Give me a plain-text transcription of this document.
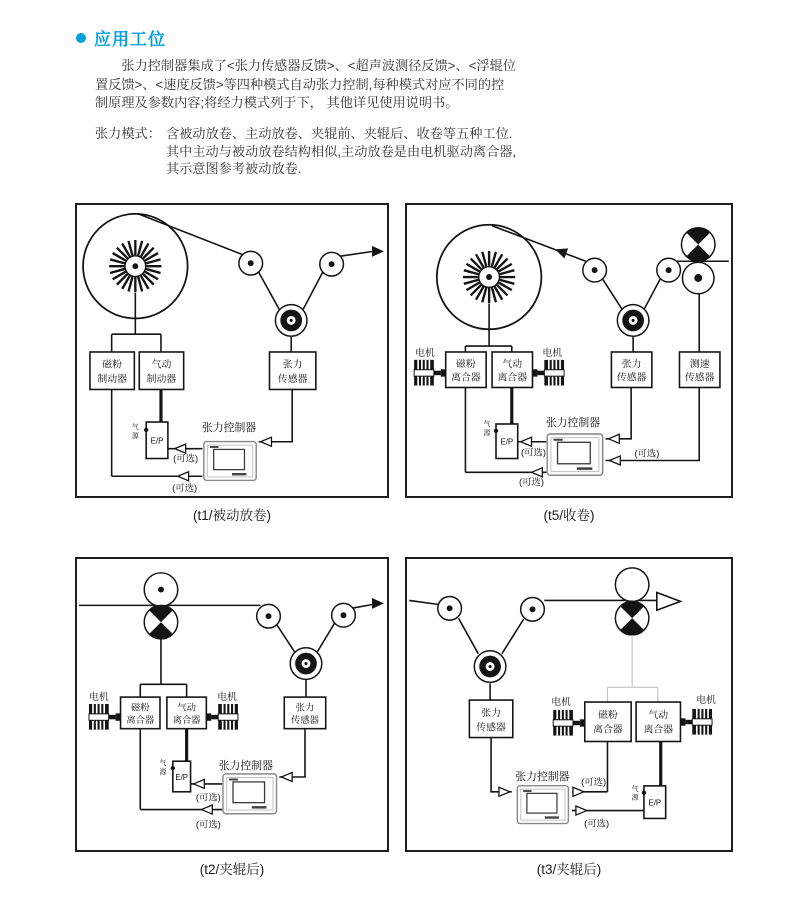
应用工位
张力控制器集成了<张力传感器反馈>、<超声波测径反馈>、<浮辊位
置反馈>、<速度反馈>等四种模式自动张力控制,每种模式对应不同的控
制原理及参数内容;将经力模式列于下， 其他详见使用说明书。
张力模式： 含被动放卷、主动放卷、夹辊前、夹辊后、收卷等五种工位.
其中主动与被动放卷结构相似,主动放卷是由电机驱动离合器,
其示意图参考被动放卷.
磁粉
制动器
气动
制动器
张力
传感器
E/P
气
源
张力控制器
(可选)
(可选)
(t1/被动放卷)
电机	电机
磁粉
离合器
气动
离合器
张力
传感器
测速
传感器
E/P
气
源
张力控制器
(可选)
(可选)
(可选)
(t5/收卷)
电机	电机
磁粉
离合器
气动
离合器
张力
传感器
E/P
气
源
张力控制器
(可选)
(可选)
(t2/夹辊后)
张力
传感器
电机	电机
磁粉
离合器
气动
离合器
张力控制器 (可选)
(可选)
E/P
气
源
(t3/夹辊后)
